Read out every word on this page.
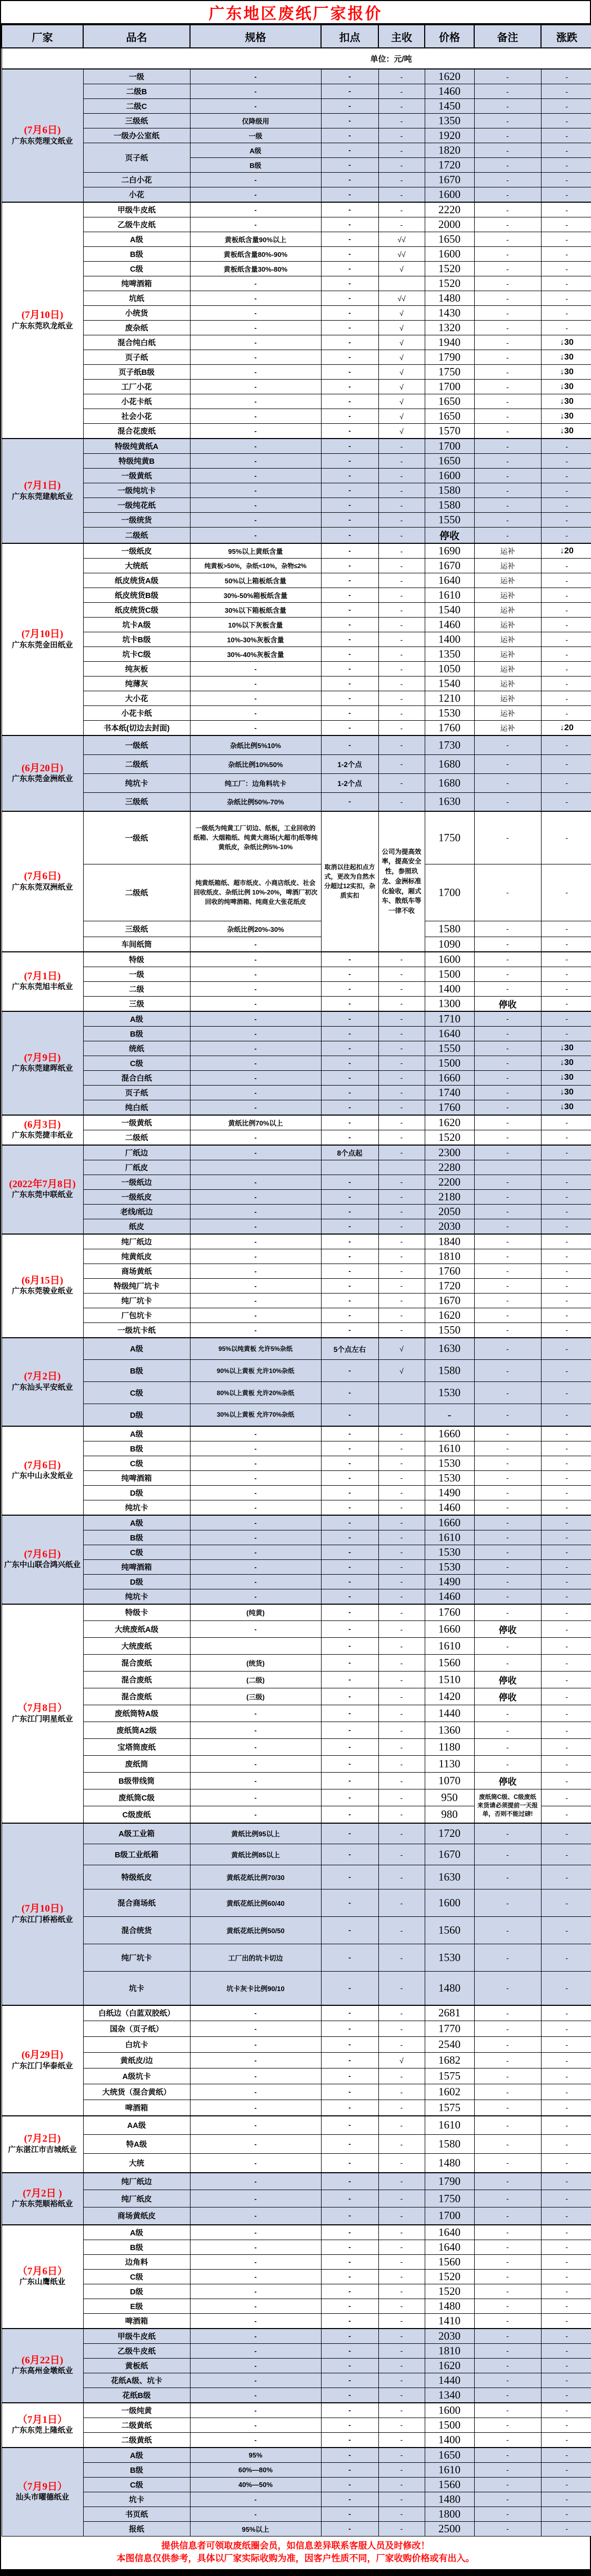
广东地区废纸厂家报价
厂家	品名	规格	扣点	主收	价格	备注	涨跌
单位：元/吨							

(7月6日)
广东东莞理文纸业	一级	-	-	-	1620	-	-
	二级B	-	-	-	1460	-	-
	二级C	-	-	-	1450	-	-
	三级纸	仅降级用	-	-	1350	-	-
	一级办公室纸	一级	-	-	1920	-	-
	页子纸	A级	-	-	1820	-	-
		B级	-	-	1720	-	-
	二白小花	-	-	-	1670	-	-
	小花	-	-	-	1600	-	-

(7月10日)
广东东莞玖龙纸业	甲级牛皮纸	-	-	-	2220	-	-
	乙级牛皮纸	-	-	-	2000	-	-
	A级	黄板纸含量90%以上	-	√√	1650	-	-
	B级	黄板纸含量80%-90%	-	√√	1600	-	-
	C级	黄板纸含量30%-80%	-	√	1520	-	-
	纯啤酒箱	-	-		1520	-	-
	坑纸	-	-	√√	1480	-	-
	小统货	-	-	√	1430	-	-
	废杂纸	-	-	√	1320	-	-
	混合纯白纸	-	-	√	1940	-	↓30
	页子纸	-	-	√	1790	-	↓30
	页子纸B级	-	-	√	1750	-	↓30
	工厂小花	-	-	√	1700	-	↓30
	小花卡纸	-	-	√	1650	-	↓30
	社会小花	-	-	√	1650	-	↓30
	混合花废纸	-	-	√	1570	-	↓30

(7月1日)
广东东莞建航纸业	特级纯黄纸A	-	-	-	1700	-	-
	特级纯黄B	-	-	-	1650	-	-
	一级黄纸	-	-	-	1600	-	-
	一级纯坑卡	-	-	-	1580	-	-
	一级纯花纸	-	-	-	1580	-	-
	一级统货	-	-	-	1550	-	-
	二级纸	-	-	-	停收	-	-

(7月10日)
广东东莞金田纸业	一级纸皮	95%以上黄纸含量	-	-	1690	运补	↓20
	大统纸	纯黄板>50%，杂纸<10%，杂物≤2%	-	-	1670	运补	-
	纸皮统货A级	50%以上箱板纸含量	-	-	1640	运补	-
	纸皮统货B级	30%-50%箱板纸含量	-	-	1610	运补	-
	纸皮统货C级	30%以下箱板纸含量	-	-	1540	运补	-
	坑卡A级	10%以下灰板含量	-	-	1460	运补	-
	坑卡B级	10%-30%灰板含量	-	-	1400	运补	-
	坑卡C级	30%-40%灰板含量	-	-	1350	运补	-
	纯灰板	-	-	-	1050	运补	-
	纯薄灰	-	-	-	1540	运补	-
	大小花	-	-	-	1210	运补	-
	小花卡纸	-	-	-	1530	运补	-
	书本纸(切边去封面)	-	-	-	1760	运补	↓20

(6月20日)
广东东莞金洲纸业	一级纸	杂纸比例5%10%	-	-	1730	-	-
	二级纸	杂纸比例10%50%	1-2个点	-	1680	-	-
	纯坑卡	纯工厂：边角料坑卡	1-2个点	-	1680	-	-
	三级纸	杂纸比例50%-70%	-	-	1630	-	-

(7月6日)
广东东莞双洲纸业	一级纸	一级纸为纯黄工厂切边、纸板，工业回收的纸箱、大烟箱纸、纯黄大商场(大超市)纸等纯黄纸皮，杂纸比例5%-10%	取消以往起扣点方式，更改为自然水分超过12实扣，杂质实扣	公司为提高效率，提高安全性，参照玖龙、金洲标准化验收，厢式车、散纸车等一律不收	1750	-	-
	二级纸	纯黄纸箱纸、超市纸皮、小商店纸皮、社会回收纸皮、杂纸比例 10%-20%，啤酒厂初次回收的纯啤酒箱、纯商业大张花纸皮			1700	-	-
	三级纸	杂纸比例20%-30%			1580	-	-
	车间纸筒	-			1090	-	-

(7月1日)
广东东莞旭丰纸业	特级	-	-	-	1600	-	-
	一级	-	-	-	1500	-	-
	二级	-	-	-	1400	-	-
	三级	-	-	-	1300	停收	-

(7月9日)
广东东莞建晖纸业	A级	-	-	-	1710	-	-
	B级	-	-	-	1640	-	-
	统纸	-	-	-	1550	-	↓30
	C级	-	-	-	1500	-	↓30
	混合白纸	-	-	-	1660	-	↓30
	页子纸	-	-	-	1740	-	↓30
	纯白纸	-	-	-	1760	-	↓30

(6月3日)
广东东莞捷丰纸业	一级黄纸	黄纸比例70%以上	-	-	1620	-	-
	二级纸	-	-	-	1520	-	-

(2022年7月8日)
广东东莞中联纸业	厂纸边	-	8个点起	-	2300	-	-
	厂纸皮				2280		
	一级纸边	-	-	-	2200	-	-
	一级纸皮	-	-	-	2180	-	-
	老线/纸边	-	-	-	2050	-	-
	纸皮	-	-	-	2030	-	-

(6月15日)
广东东莞骏业纸业	纯厂纸边	-	-	-	1840	-	-
	纯黄纸皮	-	-	-	1810	-	-
	商场黄纸	-	-	-	1760	-	-
	特级纯厂坑卡	-	-	-	1720	-	-
	纯厂坑卡	-	-	-	1670	-	-
	厂包坑卡	-	-	-	1620	-	-
	一级坑卡纸	-	-	-	1550	-	-

(7月2日)
广东汕头平安纸业	A级	95%以纯黄板 允许5%杂纸	5个点左右	√	1630	-	-
	B级	90%以上黄板 允许10%杂纸	-	√	1580	-	-
	C级	80%以上黄板 允许20%杂纸	-		1530	-	-
	D级	30%以上黄板 允许70%杂纸	-		-	-	-

(7月6日)
广东中山永发纸业	A级	-	-	-	1660	-	-
	B级	-	-	-	1610	-	-
	C级	-	-	-	1530	-	-
	纯啤酒箱	-	-	-	1530	-	-
	D级	-	-	-	1490	-	-
	纯坑卡	-	-	-	1460	-	-

(7月6日)
广东中山联合鸿兴纸业	A级	-	-	-	1660	-	-
	B级	-	-	-	1610	-	-
	C级	-	-	-	1530	-	-
	纯啤酒箱	-	-	-	1530	-	-
	D级	-	-	-	1490	-	-
	纯坑卡	-	-	-	1460	-	-

（7月8日）
广东江门明星纸业	特级卡	(纯黄)	-	-	1760	-	-
	大统废纸A级	-	-	-	1660	停收	-
	大统废纸		-	-	1610	-	-
	混合废纸	(统货)	-	-	1560	-	-
	混合废纸	(二级)	-	-	1510	停收	-
	混合废纸	(三级)	-	-	1420	停收	-
	废纸筒特A级	-	-	-	1440	-	-
	废纸筒A2级	-	-	-	1360	-	-
	宝塔筒废纸	-	-	-	1180	-	-
	废纸筒	-	-	-	1130	-	-
	B级带线筒	-	-	-	1070	停收	-
	废纸筒C级	-	-	-	950	废纸筒C级、C级废纸来货请必须提前一天报单，否则不能过磅!	-
	C级废纸	-	-	-	980		-

(7月10日)
广东江门桥裕纸业	A级工业箱	黄纸比例95以上	-	-	1720	-	-
	B级工业纸箱	黄纸比例85以上	-	-	1670	-	-
	特级纸皮	黄纸花纸比例70/30	-	-	1630	-	-
	混合商场纸	黄纸花纸比例60/40	-	-	1600	-	-
	混合统货	黄纸花纸比例50/50	-	-	1560	-	-
	纯厂坑卡	工厂出的坑卡切边	-	-	1530	-	-
	坑卡	坑卡灰卡比例90/10	-	-	1480	-	-

(6月29日)
广东江门华泰纸业	白纸边（白蓝双胶纸）	-	-	-	2681	-	-
	国杂（页子纸）	-	-	-	1770	-	-
	白坑卡	-	-	-	2540	-	-
	黄纸皮/边	-	-	√	1682	-	-
	A级坑卡	-	-	-	1575	-	-
	大统货（混合黄纸）	-	-	-	1602	-	-
	啤酒箱	-	-	-	1575	-	-

(7月2日)
广东湛江市吉城纸业	AA级	-	-	-	1610	-	-
	特A级	-	-	-	1580	-	-
	大统	-	-	-	1480	-	-

(7月2日 )
广东东莞顺裕纸业	纯厂纸边	-	-	-	1790	-	-
	纯厂纸皮	-	-	-	1750	-	-
	商场黄纸皮	-	-	-	1700	-	-

（7月6日）
广东山鹰纸业	A级	-	-	-	1640	-	-
	B级	-	-	-	1640	-	-
	边角料	-	-	-	1560	-	-
	C级	-	-	-	1520	-	-
	D级	-	-	-	1520	-	-
	E级	-	-	-	1480	-	-
	啤酒箱	-	-	-	1410	-	-

(6月22日)
广东高州金墩纸业	甲级牛皮纸	-	-	-	2030	-	-
	乙级牛皮纸	-	-	-	1810	-	-
	黄板纸	-	-	-	1620	-	-
	花纸A级、坑卡	-	-	-	1440	-	-
	花纸B级	-	-	-	1340	-	-

（7月1日）
广东东莞上隆纸业	一级纯黄	-	-	-	1600	-	-
	二级黄纸	-	-	-	1500	-	-
	二级黄纸	-	-	-	1400	-	-

（7月9日）
汕头市曜德纸业	A级	95%	-	-	1650	-	-
	B级	60%—80%	-	-	1610	-	-
	C级	40%—50%	-	-	1560	-	-
	坑卡	-	-	-	1480	-	-
	书页纸	-	-	-	1800	-	-
	报纸	95%以上	-	-	2500	-	-
提供信息者可领取废纸圈会员，如信息差异联系客服人员及时修改！
本图信息仅供参考，具体以厂家实际收购为准，因客户性质不同，厂家收购价格或有出入。
